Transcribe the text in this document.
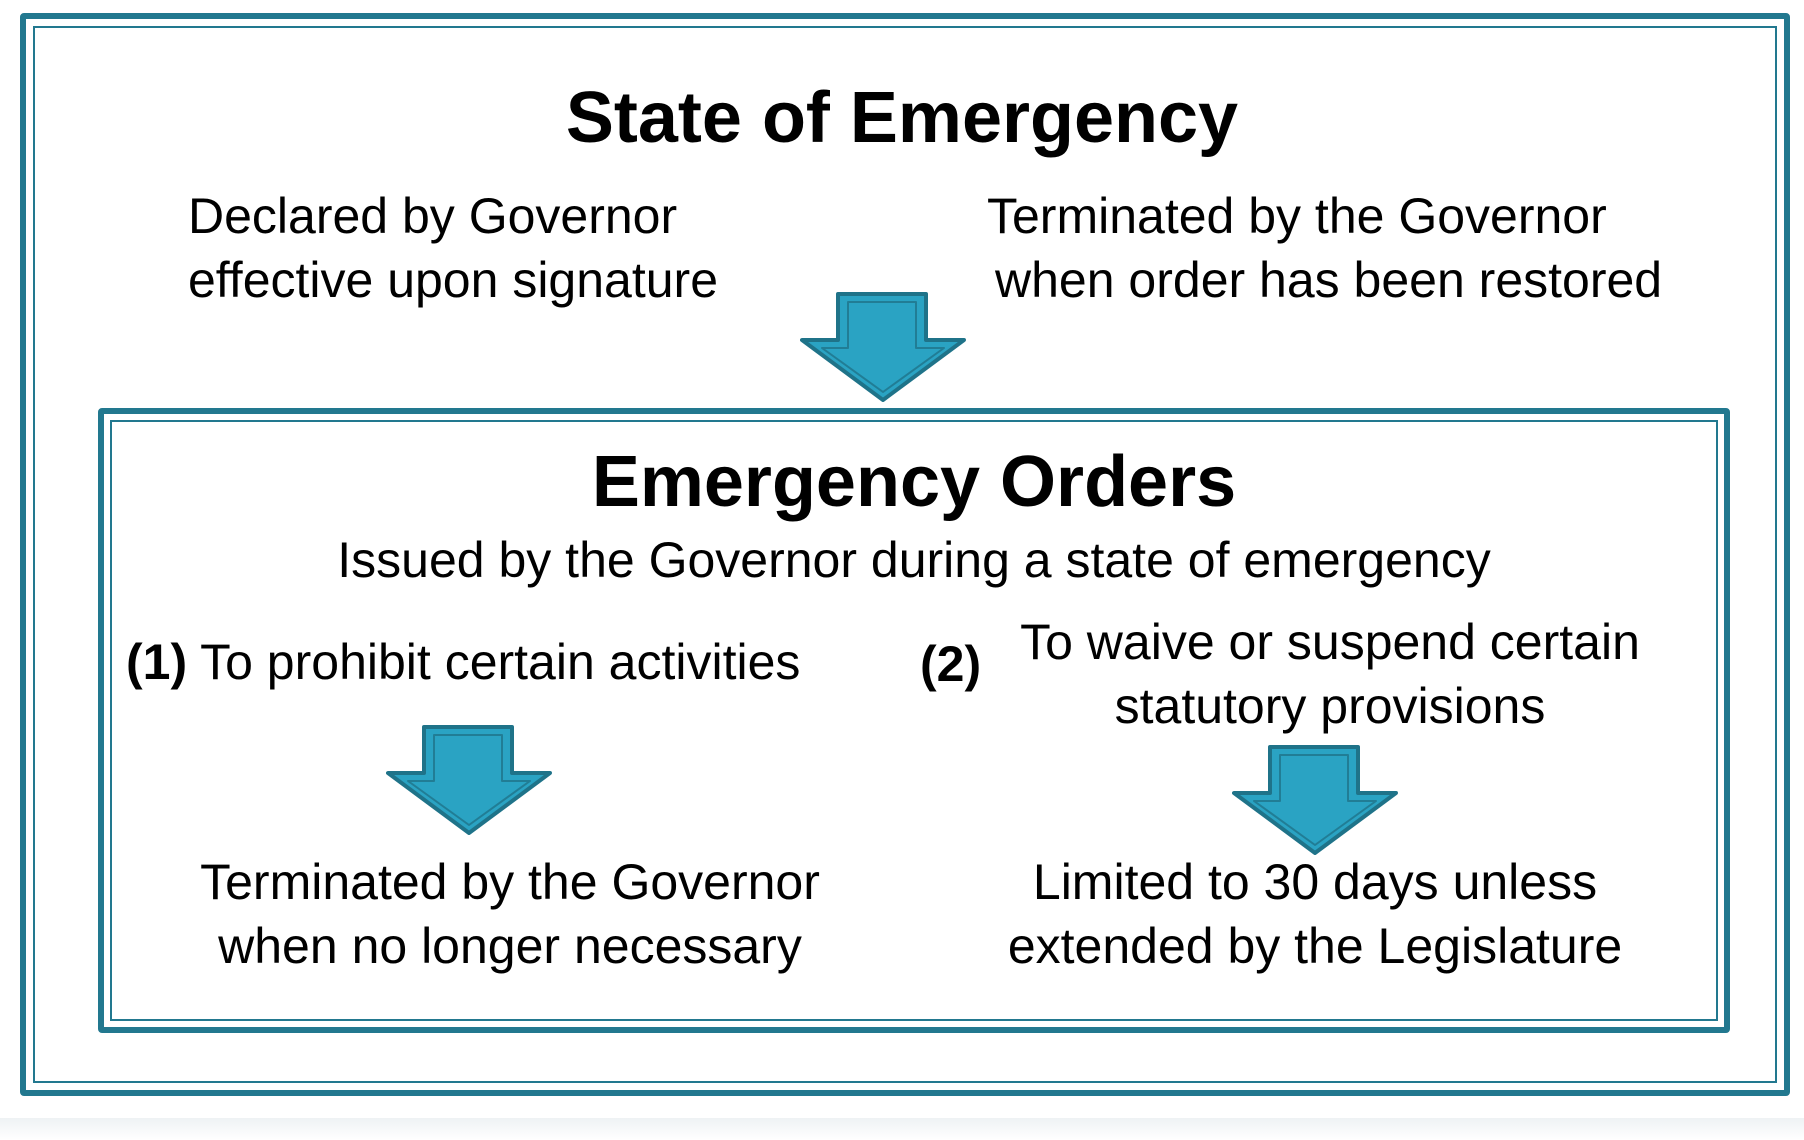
State of Emergency
Declared by Governor
effective upon signature
Terminated by the Governor
when order has been restored
Emergency Orders
Issued by the Governor during a state of emergency
(1) To prohibit certain activities (2) To waive or suspend certain
statutory provisions
Terminated by the Governor
when no longer necessary
Limited to 30 days unless
extended by the Legislature
